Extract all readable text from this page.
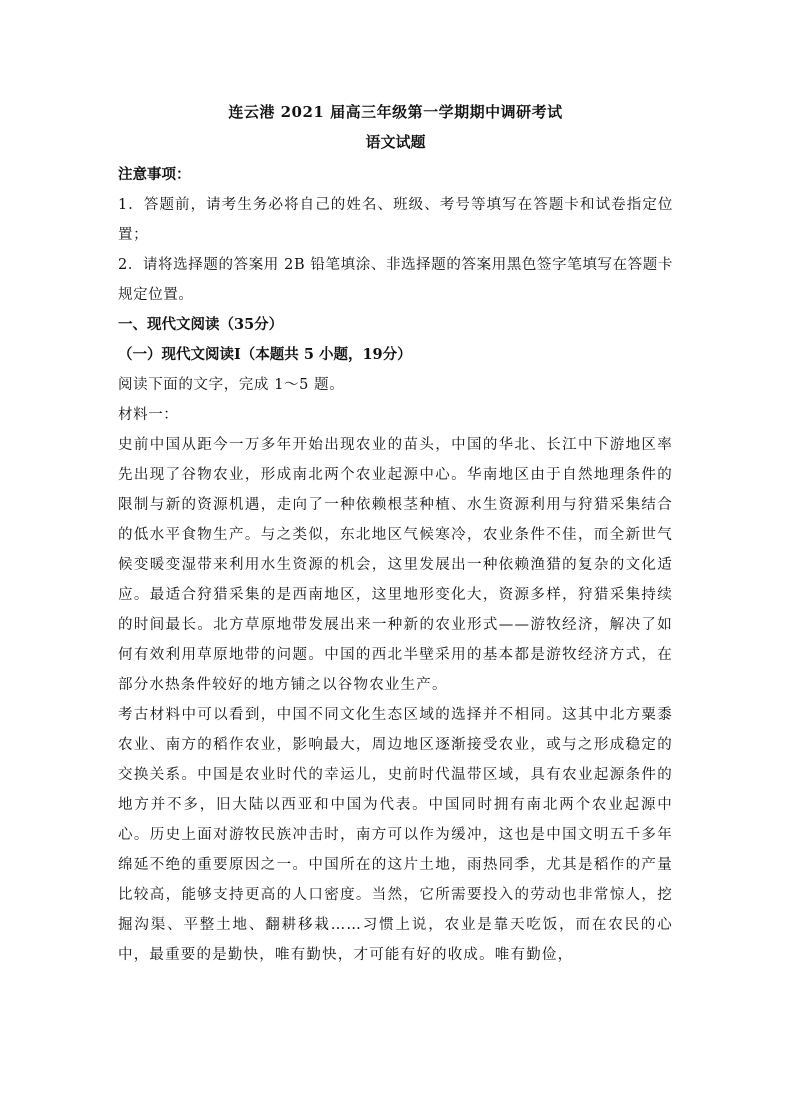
连云港 2021 届高三年级第一学期期中调研考试
语文试题
注意事项：
1．答题前，请考生务必将自己的姓名、班级、考号等填写在答题卡和试卷指定位置；
2．请将选择题的答案用 2B 铅笔填涂、非选择题的答案用黑色签字笔填写在答题卡规定位置。
一、现代文阅读（35分）
（一）现代文阅读Ⅰ（本题共 5 小题，19分）
阅读下面的文字，完成 1～5 题。
材料一：
史前中国从距今一万多年开始出现农业的苗头，中国的华北、长江中下游地区率先出现了谷物农业，形成南北两个农业起源中心。华南地区由于自然地理条件的限制与新的资源机遇，走向了一种依赖根茎种植、水生资源利用与狩猎采集结合的低水平食物生产。与之类似，东北地区气候寒冷，农业条件不佳，而全新世气候变暖变湿带来利用水生资源的机会，这里发展出一种依赖渔猎的复杂的文化适应。最适合狩猎采集的是西南地区，这里地形变化大，资源多样，狩猎采集持续的时间最长。北方草原地带发展出来一种新的农业形式——游牧经济，解决了如何有效利用草原地带的问题。中国的西北半壁采用的基本都是游牧经济方式，在部分水热条件较好的地方铺之以谷物农业生产。
考古材料中可以看到，中国不同文化生态区域的选择并不相同。这其中北方粟黍农业、南方的稻作农业，影响最大，周边地区逐渐接受农业，或与之形成稳定的交换关系。中国是农业时代的幸运儿，史前时代温带区域，具有农业起源条件的地方并不多，旧大陆以西亚和中国为代表。中国同时拥有南北两个农业起源中心。历史上面对游牧民族冲击时，南方可以作为缓冲，这也是中国文明五千多年绵延不绝的重要原因之一。中国所在的这片土地，雨热同季，尤其是稻作的产量比较高，能够支持更高的人口密度。当然，它所需要投入的劳动也非常惊人，挖掘沟渠、平整土地、翻耕移栽……习惯上说，农业是靠天吃饭，而在农民的心中，最重要的是勤快，唯有勤快，才可能有好的收成。唯有勤俭，
